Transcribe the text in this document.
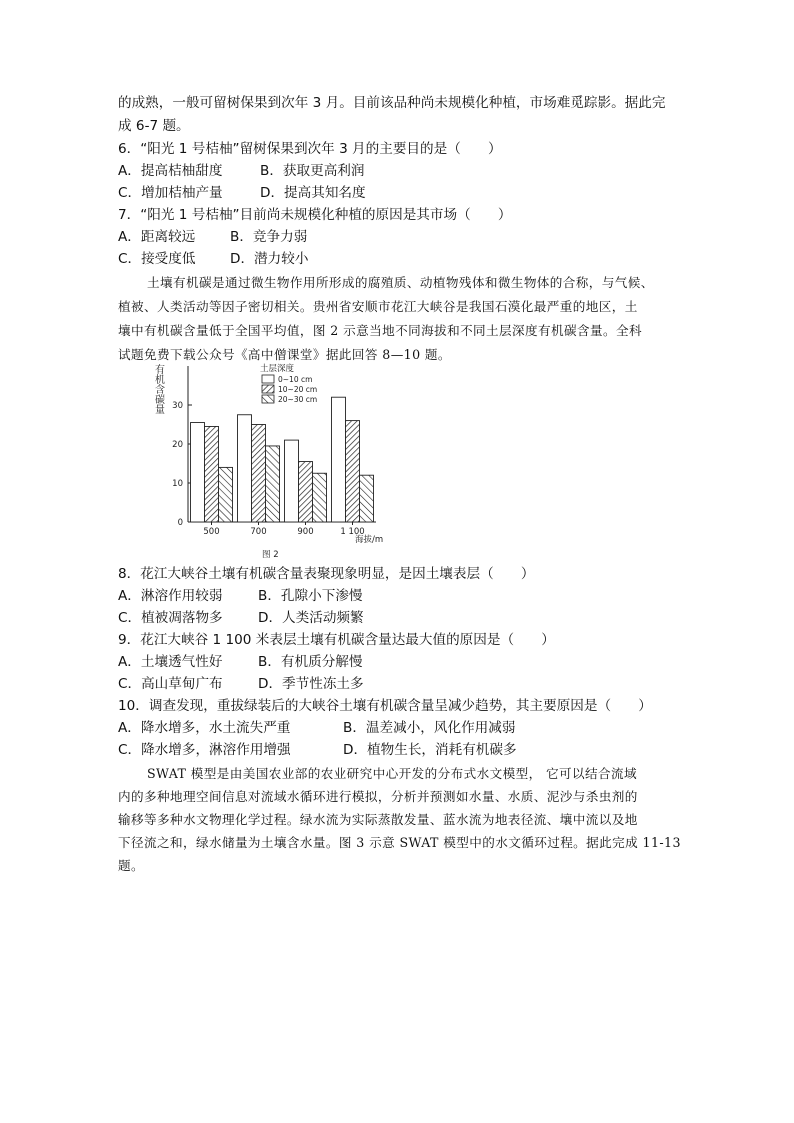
的成熟，一般可留树保果到次年 3 月。目前该品种尚未规模化种植，市场难觅踪影。据此完
成 6-7 题。
6．“阳光 1 号桔柚”留树保果到次年 3 月的主要目的是（　　）
A．提高桔柚甜度	B．获取更高利润
C．增加桔柚产量	D．提高其知名度
7．“阳光 1 号桔柚”目前尚未规模化种植的原因是其市场（　　）
A．距离较远	B．竞争力弱
C．接受度低	D．潜力较小
土壤有机碳是通过微生物作用所形成的腐殖质、动植物残体和微生物体的合称，与气候、
植被、人类活动等因子密切相关。贵州省安顺市花江大峡谷是我国石漠化最严重的地区，土
壤中有机碳含量低于全国平均值，图 2 示意当地不同海拔和不同土层深度有机碳含量。全科
试题免费下载公众号《高中僧课堂》据此回答 8—10 题。
有机含碳量
海拔/m
图 2
土层深度
0
10
20
30
500	700	900	1 100
0~10 cm
10~20 cm
20~30 cm
8．花江大峡谷土壤有机碳含量表聚现象明显，是因土壤表层（　　）
A．淋溶作用较弱	B．孔隙小下渗慢
C．植被凋落物多	D．人类活动频繁
9．花江大峡谷 1 100 米表层土壤有机碳含量达最大值的原因是（　　）
A．土壤透气性好	B．有机质分解慢
C．高山草甸广布	D．季节性冻土多
10．调查发现，重拔绿装后的大峡谷土壤有机碳含量呈减少趋势，其主要原因是（　　）
A．降水增多，水土流失严重	B．温差减小，风化作用减弱
C．降水增多，淋溶作用增强	D．植物生长，消耗有机碳多
SWAT 模型是由美国农业部的农业研究中心开发的分布式水文模型， 它可以结合流域
内的多种地理空间信息对流域水循环进行模拟，分析并预测如水量、水质、泥沙与杀虫剂的
输移等多种水文物理化学过程。绿水流为实际蒸散发量、蓝水流为地表径流、壤中流以及地
下径流之和，绿水储量为土壤含水量。图 3 示意 SWAT 模型中的水文循环过程。据此完成 11-13
题。
